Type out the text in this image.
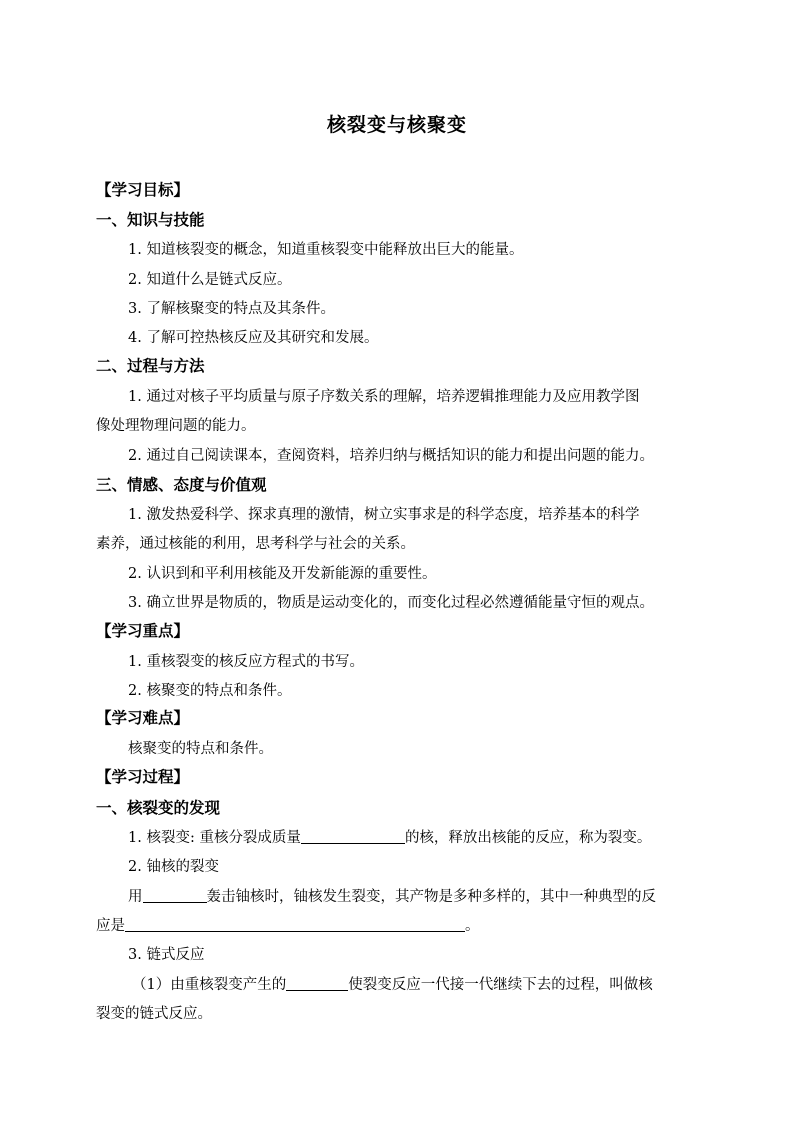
核裂变与核聚变
【学习目标】
一、知识与技能
1. 知道核裂变的概念，知道重核裂变中能释放出巨大的能量。
2. 知道什么是链式反应。
3. 了解核聚变的特点及其条件。
4. 了解可控热核反应及其研究和发展。
二、过程与方法
1. 通过对核子平均质量与原子序数关系的理解，培养逻辑推理能力及应用教学图
像处理物理问题的能力。
2. 通过自己阅读课本，查阅资料，培养归纳与概括知识的能力和提出问题的能力。
三、情感、态度与价值观
1. 激发热爱科学、探求真理的激情，树立实事求是的科学态度，培养基本的科学
素养，通过核能的利用，思考科学与社会的关系。
2. 认识到和平利用核能及开发新能源的重要性。
3. 确立世界是物质的，物质是运动变化的，而变化过程必然遵循能量守恒的观点。
【学习重点】
1. 重核裂变的核反应方程式的书写。
2. 核聚变的特点和条件。
【学习难点】
核聚变的特点和条件。
【学习过程】
一、核裂变的发现
1. 核裂变: 重核分裂成质量	的核，释放出核能的反应，称为裂变。
2. 铀核的裂变
用	轰击铀核时，铀核发生裂变，其产物是多种多样的，其中一种典型的反
应是	。
3. 链式反应
（1）由重核裂变产生的	使裂变反应一代接一代继续下去的过程，叫做核
裂变的链式反应。
